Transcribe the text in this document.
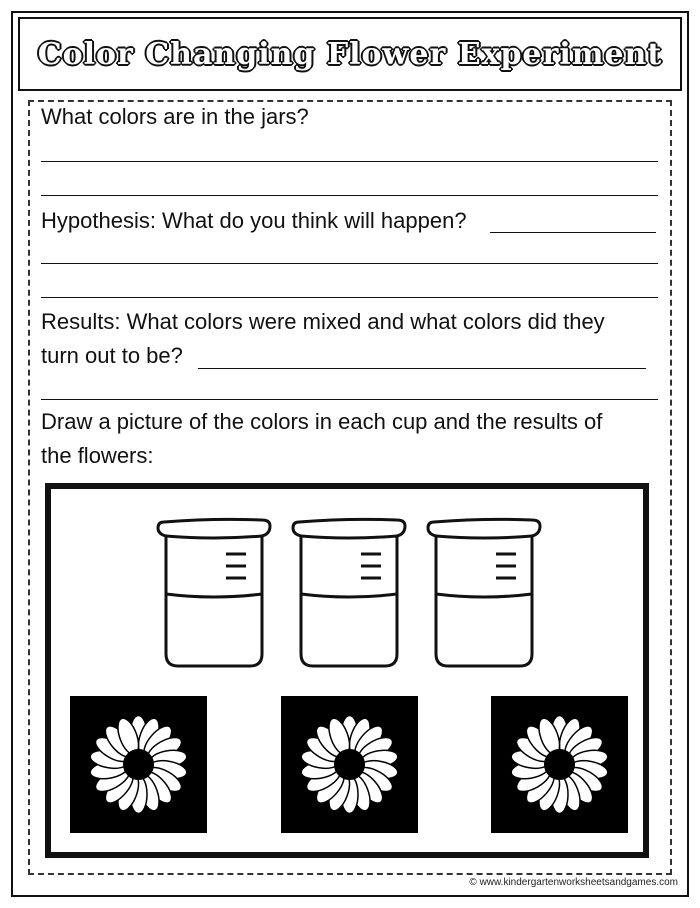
Color Changing Flower Experiment
What colors are in the jars?
Hypothesis: What do you think will happen?
Results: What colors were mixed and what colors did they
turn out to be?
Draw a picture of the colors in each cup and the results of
the flowers:
© www.kindergartenworksheetsandgames.com
